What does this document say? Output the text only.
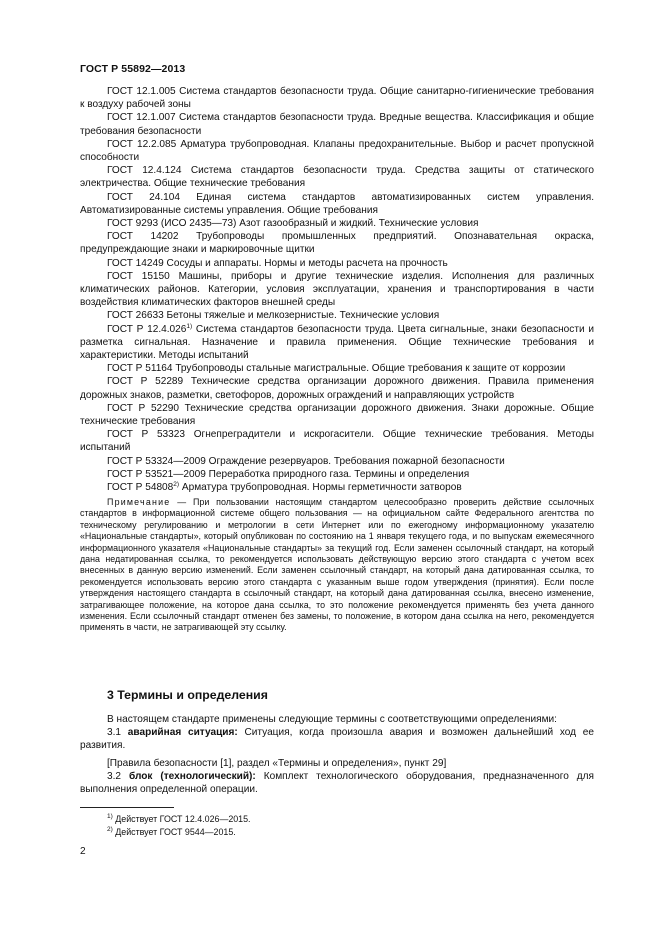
ГОСТ Р 55892—2013

ГОСТ 12.1.005 Система стандартов безопасности труда. Общие санитарно-гигиенические требования к воздуху рабочей зоны

ГОСТ 12.1.007 Система стандартов безопасности труда. Вредные вещества. Классификация и общие требования безопасности

ГОСТ 12.2.085 Арматура трубопроводная. Клапаны предохранительные. Выбор и расчет пропускной способности

ГОСТ 12.4.124 Система стандартов безопасности труда. Средства защиты от статического электричества. Общие технические требования

ГОСТ 24.104 Единая система стандартов автоматизированных систем управления. Автоматизированные системы управления. Общие требования

ГОСТ 9293 (ИСО 2435—73) Азот газообразный и жидкий. Технические условия

ГОСТ 14202 Трубопроводы промышленных предприятий. Опознавательная окраска, предупреждающие знаки и маркировочные щитки

ГОСТ 14249 Сосуды и аппараты. Нормы и методы расчета на прочность

ГОСТ 15150 Машины, приборы и другие технические изделия. Исполнения для различных климатических районов. Категории, условия эксплуатации, хранения и транспортирования в части воздействия климатических факторов внешней среды

ГОСТ 26633 Бетоны тяжелые и мелкозернистые. Технические условия

ГОСТ Р 12.4.026$^{1)}$ Система стандартов безопасности труда. Цвета сигнальные, знаки безопасности и разметка сигнальная. Назначение и правила применения. Общие технические требования и характеристики. Методы испытаний

ГОСТ Р 51164 Трубопроводы стальные магистральные. Общие требования к защите от коррозии

ГОСТ Р 52289 Технические средства организации дорожного движения. Правила применения дорожных знаков, разметки, светофоров, дорожных ограждений и направляющих устройств

ГОСТ Р 52290 Технические средства организации дорожного движения. Знаки дорожные. Общие технические требования

ГОСТ Р 53323 Огнепреградители и искрогасители. Общие технические требования. Методы испытаний

ГОСТ Р 53324—2009 Ограждение резервуаров. Требования пожарной безопасности

ГОСТ Р 53521—2009 Переработка природного газа. Термины и определения

ГОСТ Р 54808$^{2)}$ Арматура трубопроводная. Нормы герметичности затворов

Примечание — При пользовании настоящим стандартом целесообразно проверить действие ссылочных стандартов в информационной системе общего пользования — на официальном сайте Федерального агентства по техническому регулированию и метрологии в сети Интернет или по ежегодному информационному указателю «Национальные стандарты», который опубликован по состоянию на 1 января текущего года, и по выпускам ежемесячного информационного указателя «Национальные стандарты» за текущий год. Если заменен ссылочный стандарт, на который дана недатированная ссылка, то рекомендуется использовать действующую версию этого стандарта с учетом всех внесенных в данную версию изменений. Если заменен ссылочный стандарт, на который дана датированная ссылка, то рекомендуется использовать версию этого стандарта с указанным выше годом утверждения (принятия). Если после утверждения настоящего стандарта в ссылочный стандарт, на который дана датированная ссылка, внесено изменение, затрагивающее положение, на которое дана ссылка, то это положение рекомендуется применять без учета данного изменения. Если ссылочный стандарт отменен без замены, то положение, в котором дана ссылка на него, рекомендуется применять в части, не затрагивающей эту ссылку.

3 Термины и определения

В настоящем стандарте применены следующие термины с соответствующими определениями:

3.1 аварийная ситуация: Ситуация, когда произошла авария и возможен дальнейший ход ее развития.

[Правила безопасности [1], раздел «Термины и определения», пункт 29]

3.2 блок (технологический): Комплект технологического оборудования, предназначенного для выполнения определенной операции.

$^{1)}$ Действует ГОСТ 12.4.026—2015.
$^{2)}$ Действует ГОСТ 9544—2015.
2
